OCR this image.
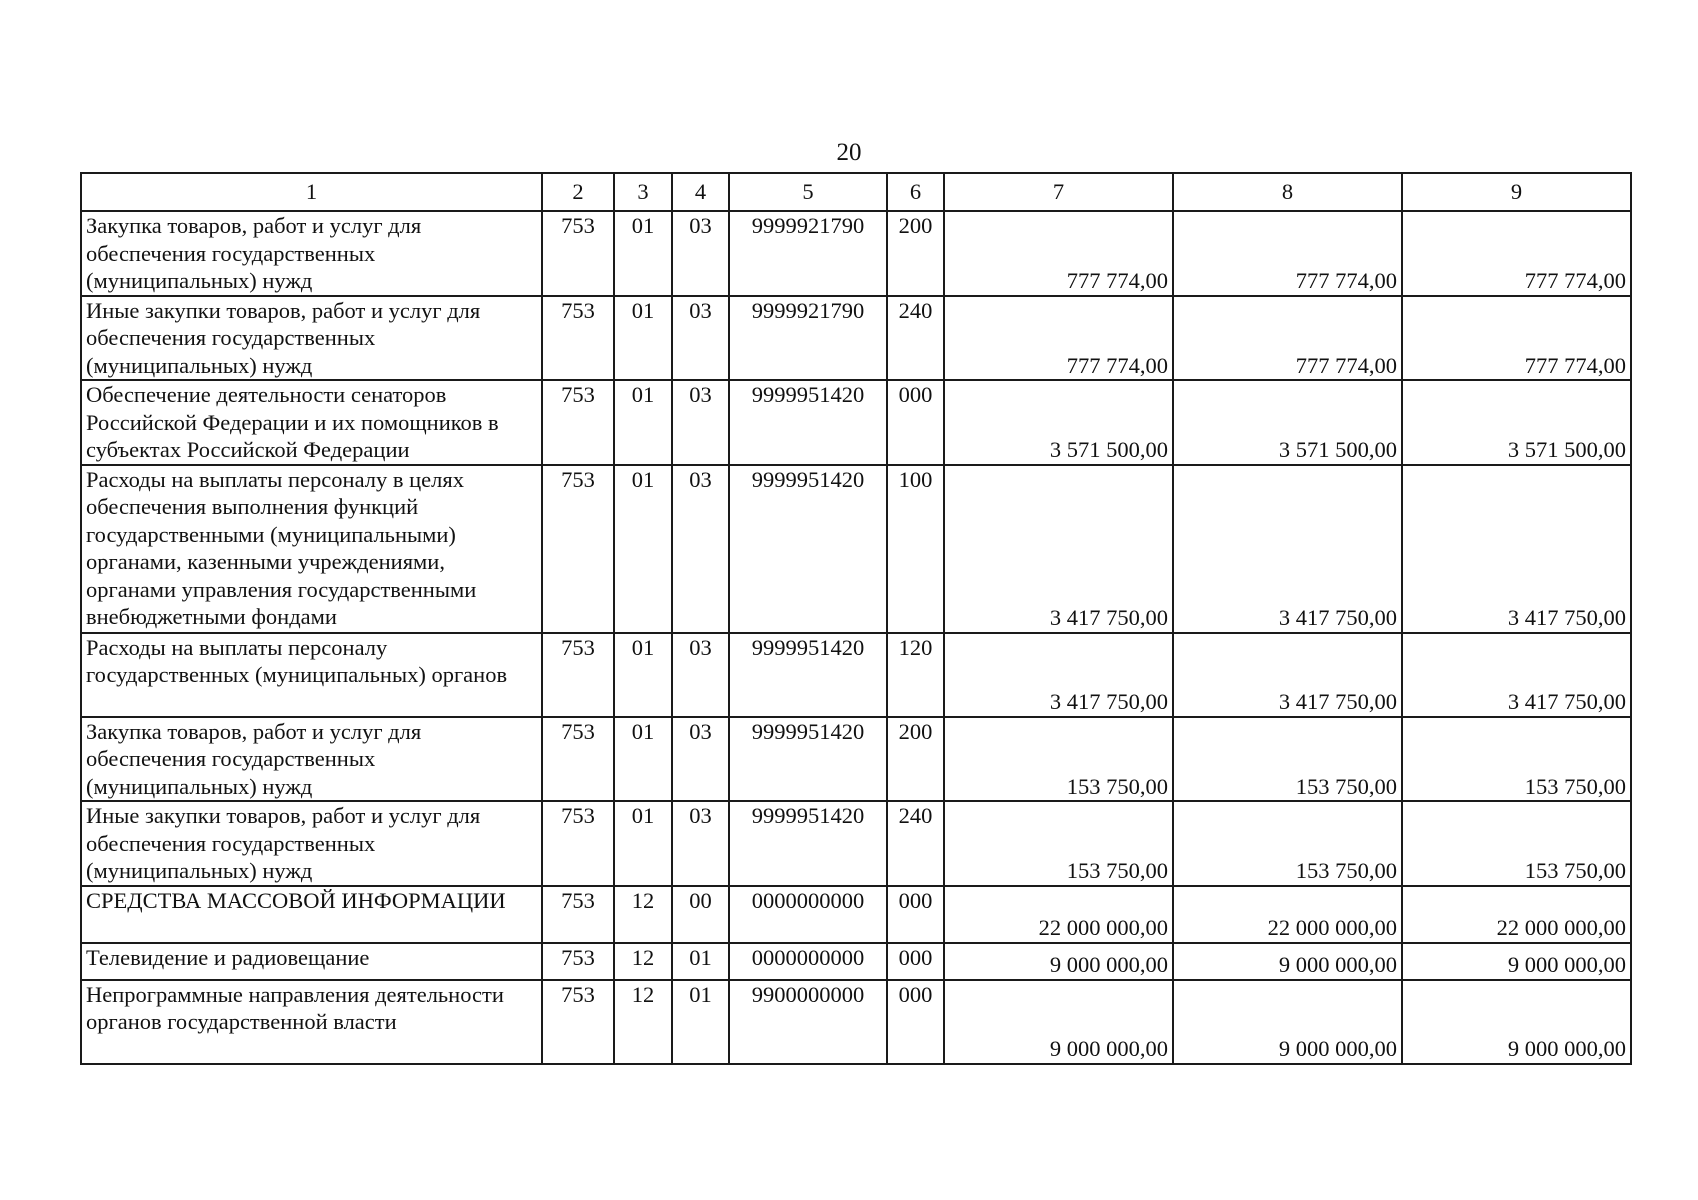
20
1	2	3	4	5	6	7	8	9
Закупка товаров, работ и услуг для обеспечения государственных (муниципальных) нужд	753	01	03	9999921790	200	777 774,00	777 774,00	777 774,00
Иные закупки товаров, работ и услуг для обеспечения государственных (муниципальных) нужд	753	01	03	9999921790	240	777 774,00	777 774,00	777 774,00
Обеспечение деятельности сенаторов Российской Федерации и их помощников в субъектах Российской Федерации	753	01	03	9999951420	000	3 571 500,00	3 571 500,00	3 571 500,00
Расходы на выплаты персоналу в целях обеспечения выполнения функций государственными (муниципальными) органами, казенными учреждениями, органами управления государственными внебюджетными фондами	753	01	03	9999951420	100	3 417 750,00	3 417 750,00	3 417 750,00
Расходы на выплаты персоналу государственных (муниципальных) органов	753	01	03	9999951420	120	3 417 750,00	3 417 750,00	3 417 750,00
Закупка товаров, работ и услуг для обеспечения государственных (муниципальных) нужд	753	01	03	9999951420	200	153 750,00	153 750,00	153 750,00
Иные закупки товаров, работ и услуг для обеспечения государственных (муниципальных) нужд	753	01	03	9999951420	240	153 750,00	153 750,00	153 750,00
СРЕДСТВА МАССОВОЙ ИНФОРМАЦИИ	753	12	00	0000000000	000	22 000 000,00	22 000 000,00	22 000 000,00
Телевидение и радиовещание	753	12	01	0000000000	000	9 000 000,00	9 000 000,00	9 000 000,00
Непрограммные направления деятельности органов государственной власти	753	12	01	9900000000	000	9 000 000,00	9 000 000,00	9 000 000,00
